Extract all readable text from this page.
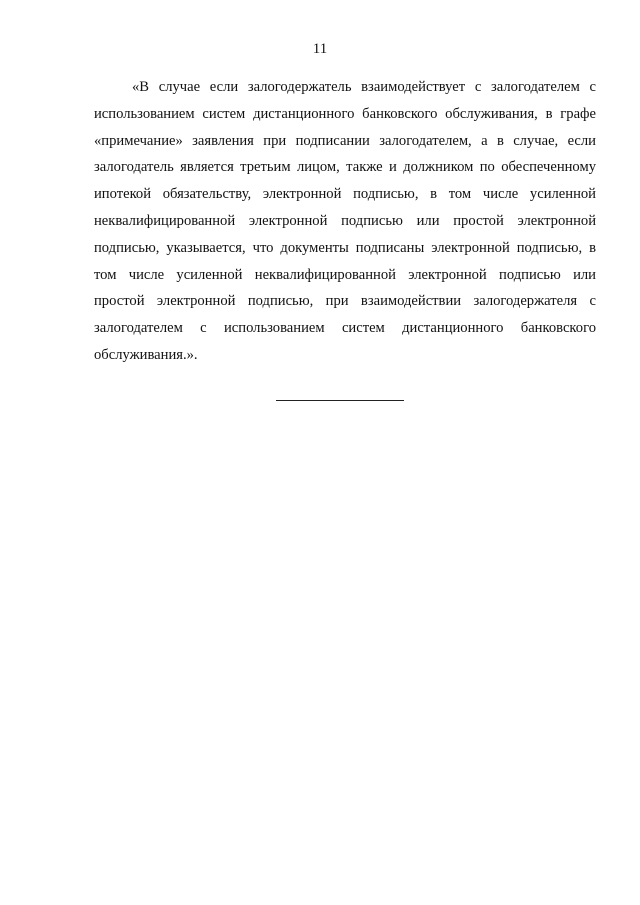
11

«В случае если залогодержатель взаимодействует с залогодателем с использованием систем дистанционного банковского обслуживания, в графе «примечание» заявления при подписании залогодателем, а в случае, если залогодатель является третьим лицом, также и должником по обеспеченному ипотекой обязательству, электронной подписью, в том числе усиленной неквалифицированной электронной подписью или простой электронной подписью, указывается, что документы подписаны электронной подписью, в том числе усиленной неквалифицированной электронной подписью или простой электронной подписью, при взаимодействии залогодержателя с залогодателем с использованием систем дистанционного банковского обслуживания.».
